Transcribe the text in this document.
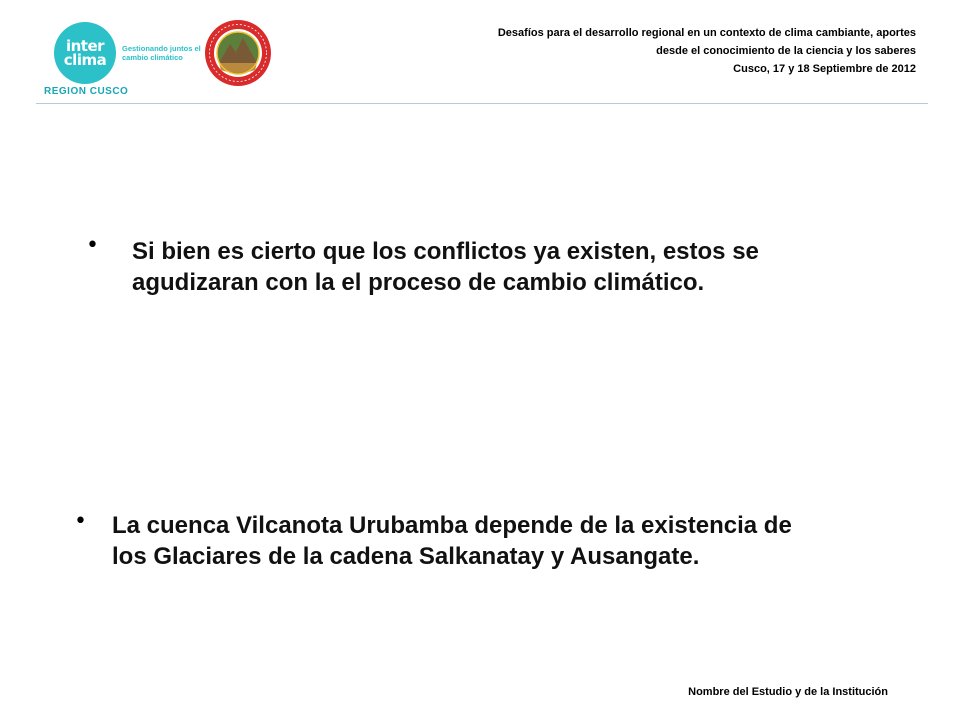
inter
clima
Gestionando juntos el cambio climático
REGION CUSCO
Desafíos para el desarrollo regional en un contexto de clima cambiante, aportes
desde el conocimiento de la ciencia y los saberes
Cusco, 17 y 18 Septiembre de 2012
• Si bien es cierto que los conflictos ya existen, estos se
agudizaran con la el proceso de cambio climático.
• La cuenca Vilcanota Urubamba depende de la existencia de
los Glaciares de la cadena Salkanatay y Ausangate.
Nombre del Estudio y de la Institución
